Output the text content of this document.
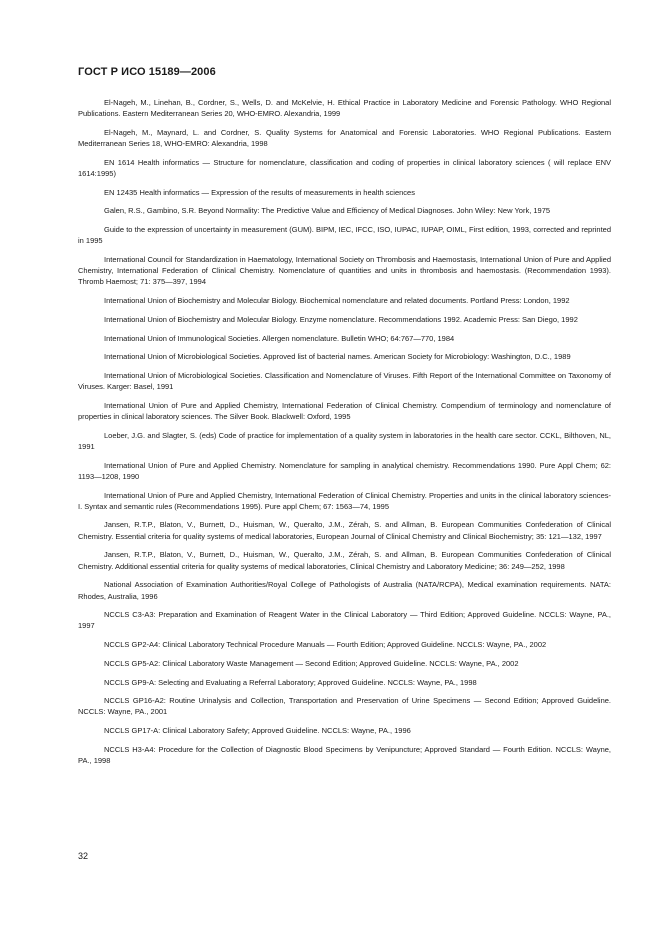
ГОСТ Р ИСО 15189—2006

El-Nageh, M., Linehan, B., Cordner, S., Wells, D. and McKelvie, H. Ethical Practice in Laboratory Medicine and Forensic Pathology. WHO Regional Publications. Eastern Mediterranean Series 20, WHO-EMRO. Alexandria, 1999

El-Nageh, M., Maynard, L. and Cordner, S. Quality Systems for Anatomical and Forensic Laboratories. WHO Regional Publications. Eastern Mediterranean Series 18, WHO-EMRO: Alexandria, 1998

EN 1614 Health informatics — Structure for nomenclature, classification and coding of properties in clinical laboratory sciences ( will replace ENV 1614:1995)

EN 12435 Health informatics — Expression of the results of measurements in health sciences

Galen, R.S., Gambino, S.R. Beyond Normality: The Predictive Value and Efficiency of Medical Diagnoses. John Wiley: New York, 1975

Guide to the expression of uncertainty in measurement (GUM). BIPM, IEC, IFCC, ISO, IUPAC, IUPAP, OIML, First edition, 1993, corrected and reprinted in 1995

International Council for Standardization in Haematology, International Society on Thrombosis and Haemostasis, International Union of Pure and Applied Chemistry, International Federation of Clinical Chemistry. Nomenclature of quantities and units in thrombosis and haemostasis. (Recommendation 1993). Thromb Haemost; 71: 375—397, 1994

International Union of Biochemistry and Molecular Biology. Biochemical nomenclature and related documents. Portland Press: London, 1992

International Union of Biochemistry and Molecular Biology. Enzyme nomenclature. Recommendations 1992. Academic Press: San Diego, 1992

International Union of Immunological Societies. Allergen nomenclature. Bulletin WHO; 64:767—770, 1984

International Union of Microbiological Societies. Approved list of bacterial names. American Society for Microbiology: Washington, D.C., 1989

International Union of Microbiological Societies. Classification and Nomenclature of Viruses. Fifth Report of the International Committee on Taxonomy of Viruses. Karger: Basel, 1991

International Union of Pure and Applied Chemistry, International Federation of Clinical Chemistry. Compendium of terminology and nomenclature of properties in clinical laboratory sciences. The Silver Book. Blackwell: Oxford, 1995

Loeber, J.G. and Slagter, S. (eds) Code of practice for implementation of a quality system in laboratories in the health care sector. CCKL, Bilthoven, NL, 1991

International Union of Pure and Applied Chemistry. Nomenclature for sampling in analytical chemistry. Recommendations 1990. Pure Appl Chem; 62: 1193—1208, 1990

International Union of Pure and Applied Chemistry, International Federation of Clinical Chemistry. Properties and units in the clinical laboratory sciences-I. Syntax and semantic rules (Recommendations 1995). Pure appl Chem; 67: 1563—74, 1995

Jansen, R.T.P., Blaton, V., Burnett, D., Huisman, W., Queralto, J.M., Zérah, S. and Allman, B. European Communities Confederation of Clinical Chemistry. Essential criteria for quality systems of medical laboratories, European Journal of Clinical Chemistry and Clinical Biochemistry; 35: 121—132, 1997

Jansen, R.T.P., Blaton, V., Burnett, D., Huisman, W., Queralto, J.M., Zérah, S. and Allman, B. European Communities Confederation of Clinical Chemistry. Additional essential criteria for quality systems of medical laboratories, Clinical Chemistry and Laboratory Medicine; 36: 249—252, 1998

National Association of Examination Authorities/Royal College of Pathologists of Australia (NATA/RCPA), Medical examination requirements. NATA: Rhodes, Australia, 1996

NCCLS C3-A3: Preparation and Examination of Reagent Water in the Clinical Laboratory — Third Edition; Approved Guideline. NCCLS: Wayne, PA., 1997

NCCLS GP2-A4: Clinical Laboratory Technical Procedure Manuals — Fourth Edition; Approved Guideline. NCCLS: Wayne, PA., 2002

NCCLS GP5-A2: Clinical Laboratory Waste Management — Second Edition; Approved Guideline. NCCLS: Wayne, PA., 2002

NCCLS GP9-A: Selecting and Evaluating a Referral Laboratory; Approved Guideline. NCCLS: Wayne, PA., 1998

NCCLS GP16-A2: Routine Urinalysis and Collection, Transportation and Preservation of Urine Specimens — Second Edition; Approved Guideline. NCCLS: Wayne, PA., 2001

NCCLS GP17-A: Clinical Laboratory Safety; Approved Guideline. NCCLS: Wayne, PA., 1996

NCCLS H3-A4: Procedure for the Collection of Diagnostic Blood Specimens by Venipuncture; Approved Standard — Fourth Edition. NCCLS: Wayne, PA., 1998

32
